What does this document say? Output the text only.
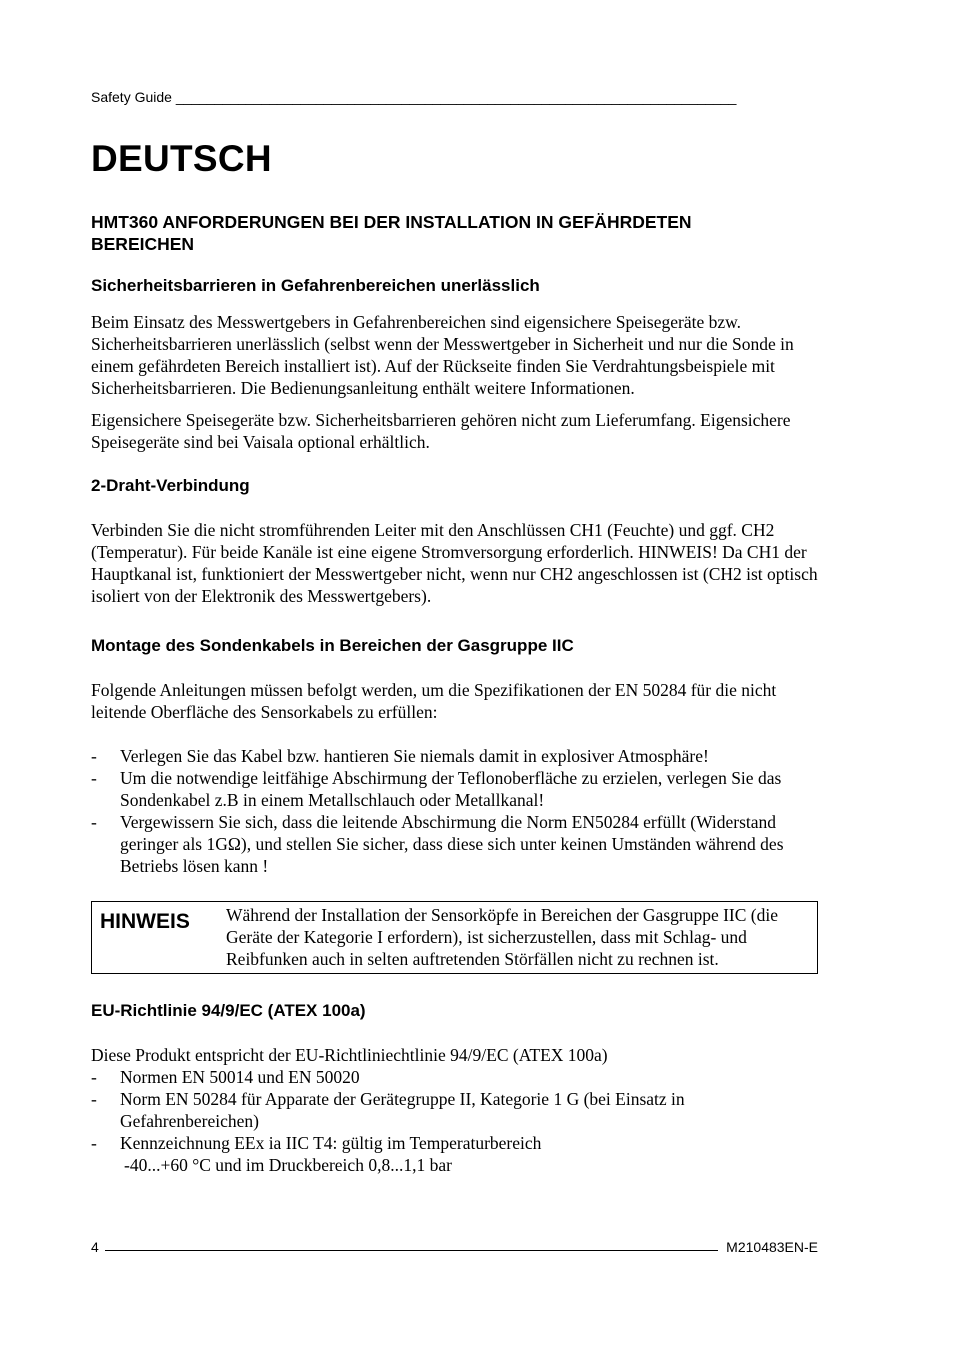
Safety Guide ________________________________________________________________________
DEUTSCH
HMT360 ANFORDERUNGEN BEI DER INSTALLATION IN GEFÄHRDETEN BEREICHEN
Sicherheitsbarrieren in Gefahrenbereichen unerlässlich

Beim Einsatz des Messwertgebers in Gefahrenbereichen sind eigensichere Speisegeräte bzw. Sicherheitsbarrieren unerlässlich (selbst wenn der Messwertgeber in Sicherheit und nur die Sonde in einem gefährdeten Bereich installiert ist). Auf der Rückseite finden Sie Verdrahtungsbeispiele mit Sicherheitsbarrieren. Die Bedienungsanleitung enthält weitere Informationen.

Eigensichere Speisegeräte bzw. Sicherheitsbarrieren gehören nicht zum Lieferumfang. Eigensichere Speisegeräte sind bei Vaisala optional erhältlich.

2-Draht-Verbindung

Verbinden Sie die nicht stromführenden Leiter mit den Anschlüssen CH1 (Feuchte) und ggf. CH2 (Temperatur). Für beide Kanäle ist eine eigene Stromversorgung erforderlich. HINWEIS! Da CH1 der Hauptkanal ist, funktioniert der Messwertgeber nicht, wenn nur CH2 angeschlossen ist (CH2 ist optisch isoliert von der Elektronik des Messwertgebers).

Montage des Sondenkabels in Bereichen der Gasgruppe IIC

Folgende Anleitungen müssen befolgt werden, um die Spezifikationen der EN 50284 für die nicht leitende Oberfläche des Sensorkabels zu erfüllen:

- Verlegen Sie das Kabel bzw. hantieren Sie niemals damit in explosiver Atmosphäre!
- Um die notwendige leitfähige Abschirmung der Teflonoberfläche zu erzielen, verlegen Sie das Sondenkabel z.B in einem Metallschlauch oder Metallkanal!
- Vergewissern Sie sich, dass die leitende Abschirmung die Norm EN50284 erfüllt (Widerstand geringer als 1GΩ), und stellen Sie sicher, dass diese sich unter keinen Umständen während des Betriebs lösen kann !
HINWEIS	Während der Installation der Sensorköpfe in Bereichen der Gasgruppe IIC (die Geräte der Kategorie I erfordern), ist sicherzustellen, dass mit Schlag- und Reibfunken auch in selten auftretenden Störfällen nicht zu rechnen ist.
EU-Richtlinie 94/9/EC (ATEX 100a)

Diese Produkt entspricht der EU-Richtliniechtlinie 94/9/EC (ATEX 100a)

- Normen EN 50014 und EN 50020
- Norm EN 50284 für Apparate der Gerätegruppe II, Kategorie 1 G (bei Einsatz in Gefahrenbereichen)
- Kennzeichnung EEx ia IIC T4: gültig im Temperaturbereich

-40...+60 °C und im Druckbereich 0,8...1,1 bar

4	M210483EN-E
